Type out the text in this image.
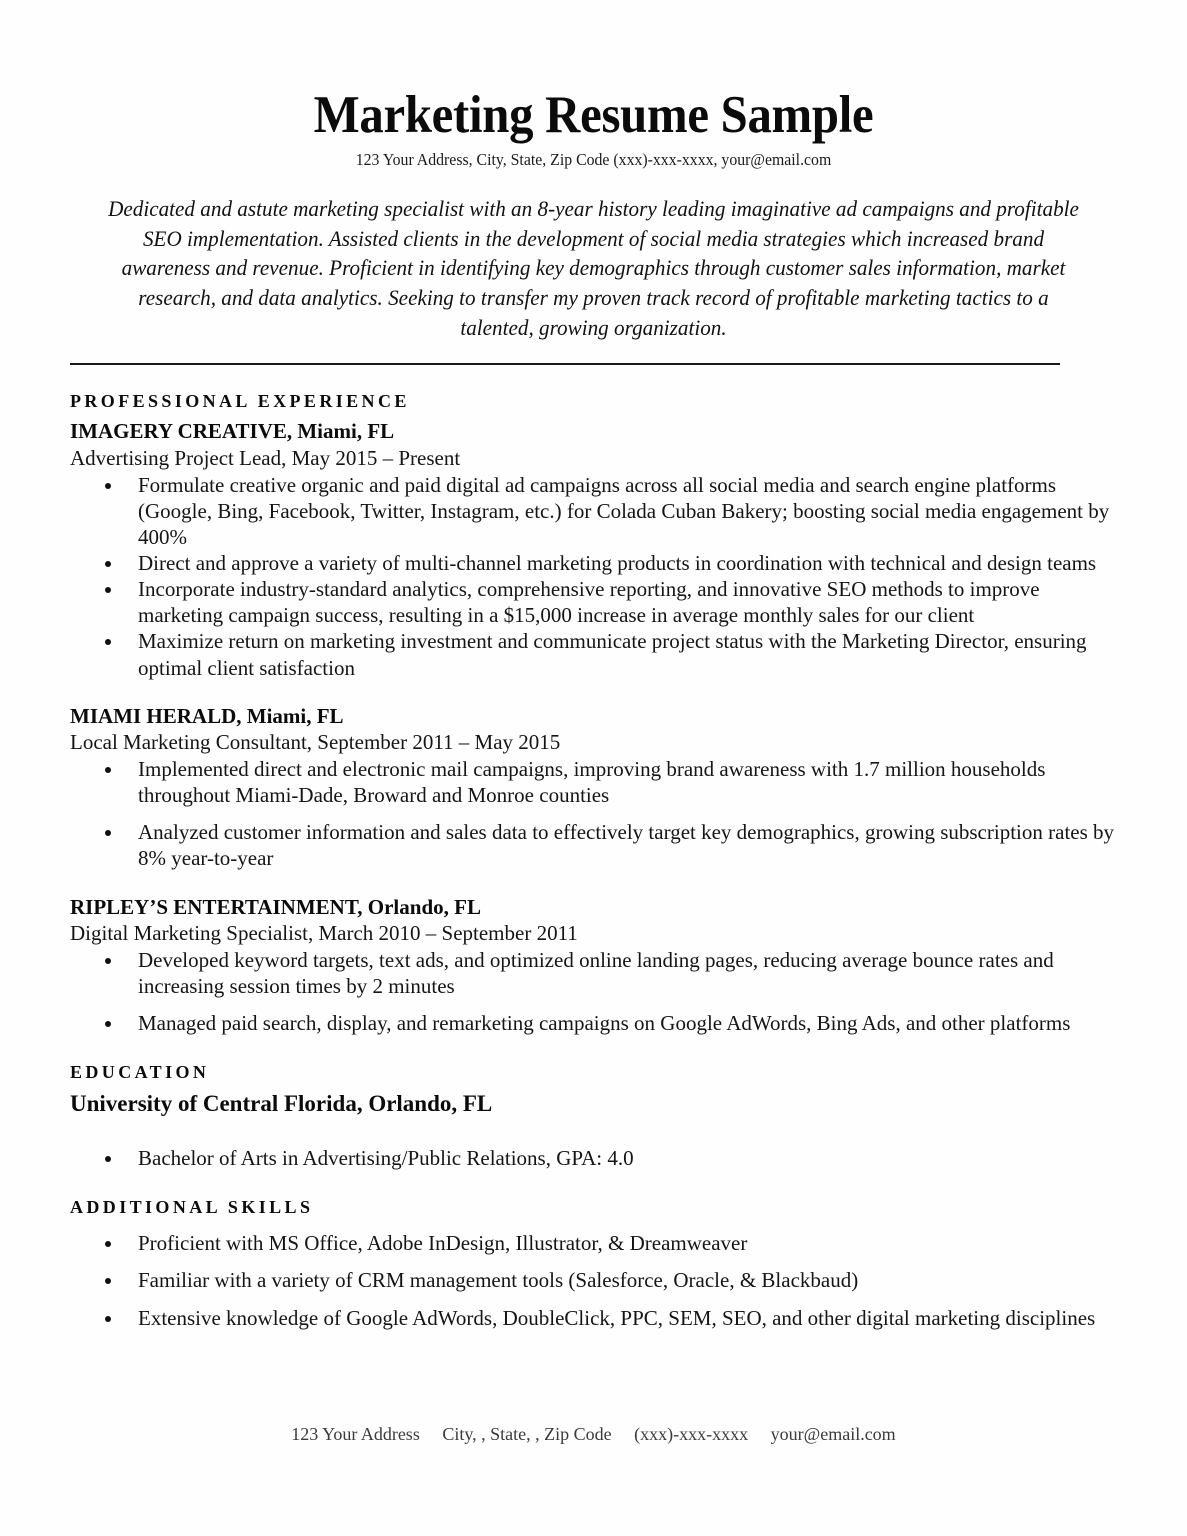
Marketing Resume Sample
123 Your Address, City, State, Zip Code (xxx)-xxx-xxxx, your@email.com
Dedicated and astute marketing specialist with an 8-year history leading imaginative ad campaigns and profitable SEO implementation. Assisted clients in the development of social media strategies which increased brand awareness and revenue. Proficient in identifying key demographics through customer sales information, market research, and data analytics. Seeking to transfer my proven track record of profitable marketing tactics to a talented, growing organization.
PROFESSIONAL EXPERIENCE
IMAGERY CREATIVE, Miami, FL
Advertising Project Lead, May 2015 – Present
Formulate creative organic and paid digital ad campaigns across all social media and search engine platforms (Google, Bing, Facebook, Twitter, Instagram, etc.) for Colada Cuban Bakery; boosting social media engagement by 400%
Direct and approve a variety of multi-channel marketing products in coordination with technical and design teams
Incorporate industry-standard analytics, comprehensive reporting, and innovative SEO methods to improve marketing campaign success, resulting in a $15,000 increase in average monthly sales for our client
Maximize return on marketing investment and communicate project status with the Marketing Director, ensuring optimal client satisfaction
MIAMI HERALD, Miami, FL
Local Marketing Consultant, September 2011 – May 2015
Implemented direct and electronic mail campaigns, improving brand awareness with 1.7 million households throughout Miami-Dade, Broward and Monroe counties
Analyzed customer information and sales data to effectively target key demographics, growing subscription rates by 8% year-to-year
RIPLEY’S ENTERTAINMENT, Orlando, FL
Digital Marketing Specialist, March 2010 – September 2011
Developed keyword targets, text ads, and optimized online landing pages, reducing average bounce rates and increasing session times by 2 minutes
Managed paid search, display, and remarketing campaigns on Google AdWords, Bing Ads, and other platforms
EDUCATION
University of Central Florida, Orlando, FL
Bachelor of Arts in Advertising/Public Relations, GPA: 4.0
ADDITIONAL SKILLS
Proficient with MS Office, Adobe InDesign, Illustrator, & Dreamweaver
Familiar with a variety of CRM management tools (Salesforce, Oracle, & Blackbaud)
Extensive knowledge of Google AdWords, DoubleClick, PPC, SEM, SEO, and other digital marketing disciplines
123 Your Address City, , State, , Zip Code (xxx)-xxx-xxxx your@email.com
